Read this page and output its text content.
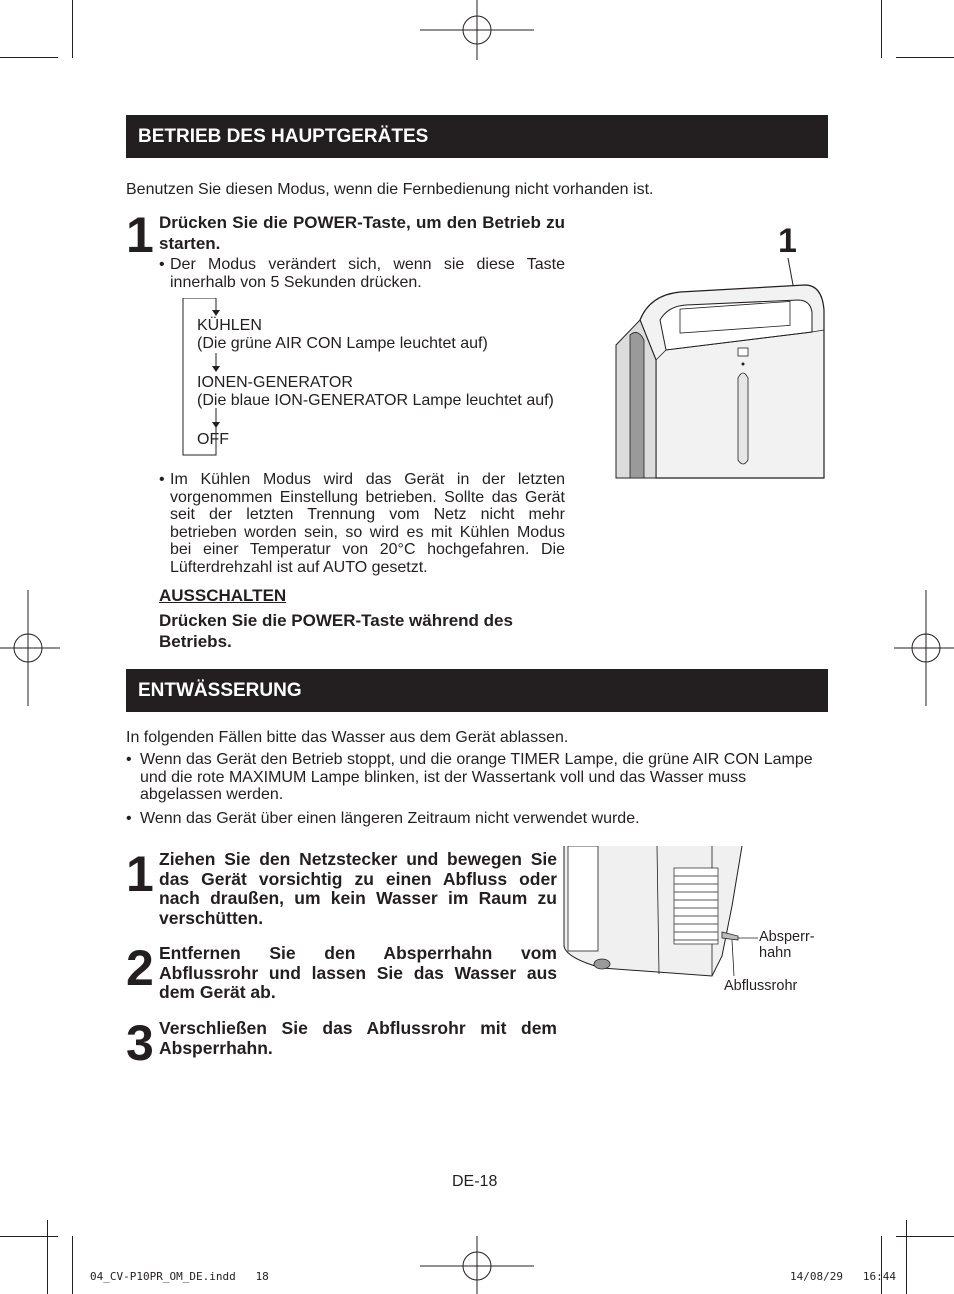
BETRIEB DES HAUPTGERÄTES
Benutzen Sie diesen Modus, wenn die Fernbedienung nicht vorhanden ist.
1 Drücken Sie die POWER-Taste, um den Betrieb zu starten.
• Der Modus verändert sich, wenn sie diese Taste innerhalb von 5 Sekunden drücken.
KÜHLEN
(Die grüne AIR CON Lampe leuchtet auf)
IONEN-GENERATOR
(Die blaue ION-GENERATOR Lampe leuchtet auf)
OFF
• Im Kühlen Modus wird das Gerät in der letzten vorgenommen Einstellung betrieben. Sollte das Gerät seit der letzten Trennung vom Netz nicht mehr betrieben worden sein, so wird es mit Kühlen Modus bei einer Temperatur von 20°C hochgefahren. Die Lüfterdrehzahl ist auf AUTO gesetzt.
AUSSCHALTEN
Drücken Sie die POWER-Taste während des Betriebs.
1
ENTWÄSSERUNG
In folgenden Fällen bitte das Wasser aus dem Gerät ablassen.
• Wenn das Gerät den Betrieb stoppt, und die orange TIMER Lampe, die grüne AIR CON Lampe und die rote MAXIMUM Lampe blinken, ist der Wassertank voll und das Wasser muss abgelassen werden.
• Wenn das Gerät über einen längeren Zeitraum nicht verwendet wurde.
1 Ziehen Sie den Netzstecker und bewegen Sie das Gerät vorsichtig zu einen Abfluss oder nach draußen, um kein Wasser im Raum zu verschütten.
2 Entfernen Sie den Absperrhahn vom Abflussrohr und lassen Sie das Wasser aus dem Gerät ab.
3 Verschließen Sie das Abflussrohr mit dem Absperrhahn.
Absperr-
hahn
Abflussrohr
DE-18
04_CV-P10PR_OM_DE.indd   18	14/08/29   16:44
